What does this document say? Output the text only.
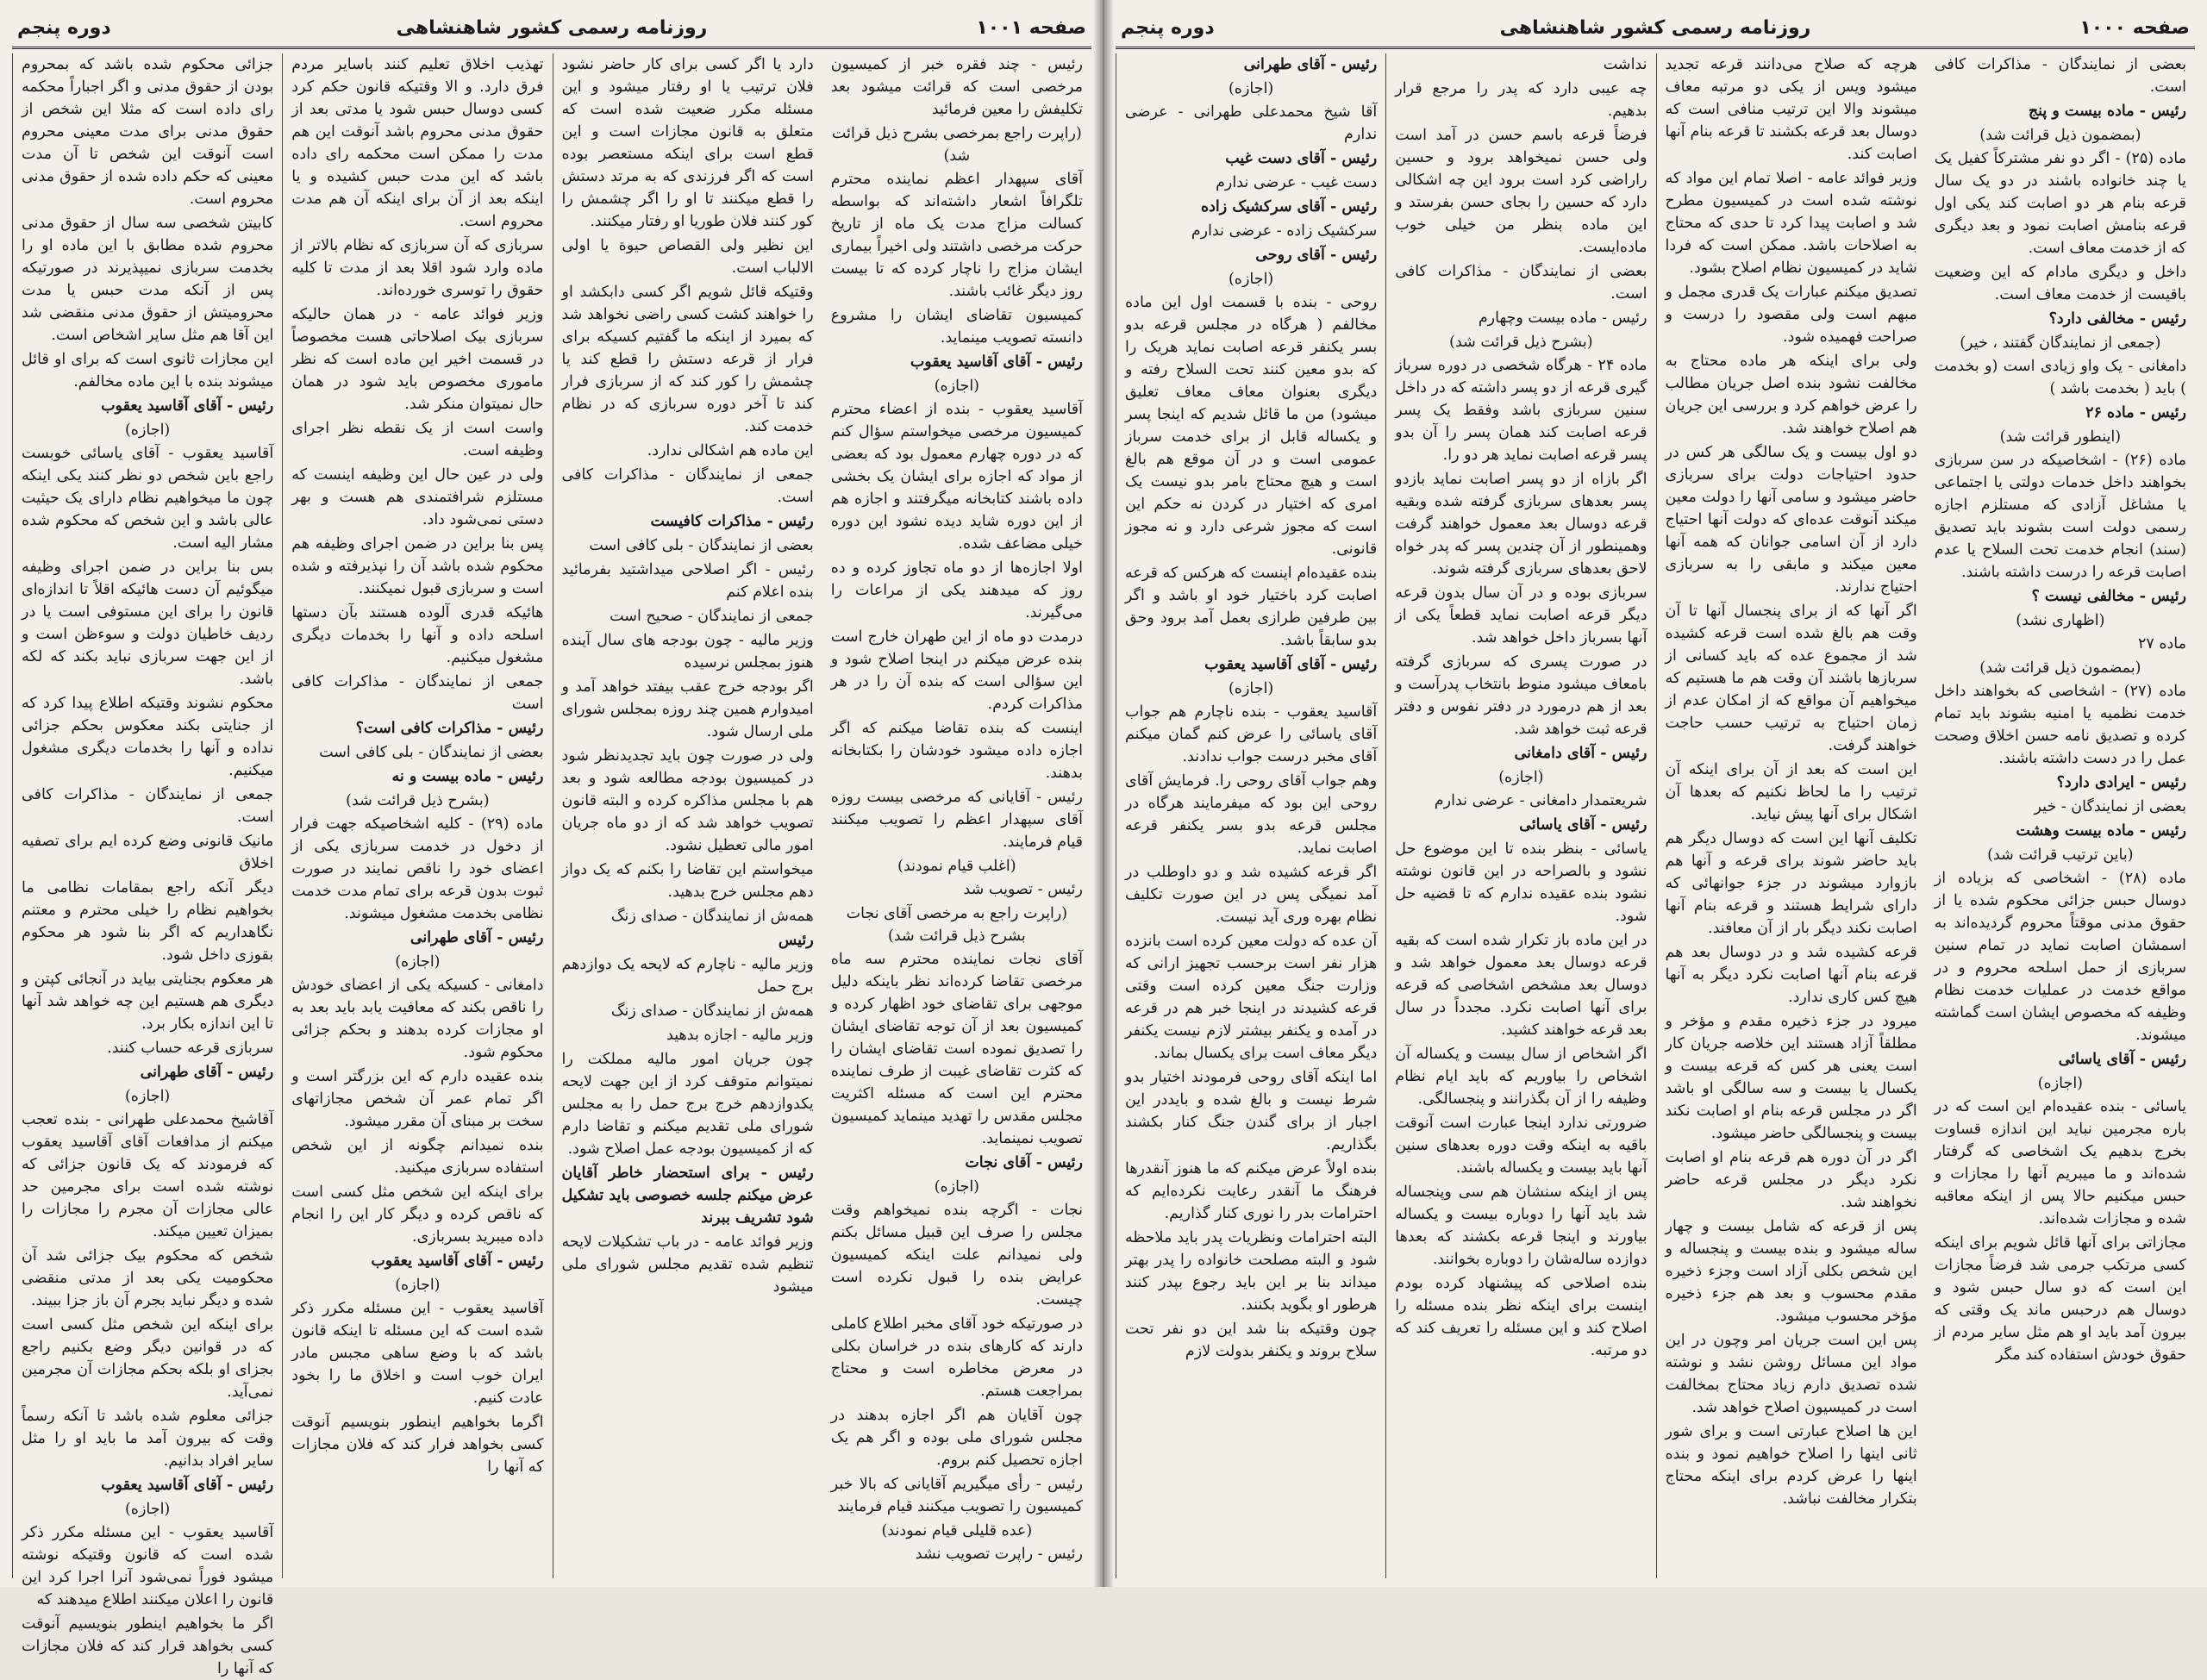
صفحه ۱۰۰۱
روزنامه رسمی کشور شاهنشاهی
دوره پنجم
جزائی محکوم شده باشد که بمحروم بودن از حقوق مدنی و اگر اجباراً محکمه رای داده است که مثلا این شخص از حقوق مدنی برای مدت معینی محروم است آنوقت این شخص تا آن مدت معینی که حکم داده شده از حقوق مدنی محروم است.
کابیتن شخصی سه سال از حقوق مدنی محروم شده مطابق با این ماده او را بخدمت سربازی نمیپذیرند در صورتیکه پس از آنکه مدت حبس یا مدت محرومیتش از حقوق مدنی منقضی شد این آقا هم مثل سایر اشخاص است.
این مجازات ثانوی است که برای او قائل میشوند بنده با این ماده مخالفم.
رئیس - آقای آقاسید یعقوب
(اجازه)
آقاسید یعقوب - آقای یاسائی خوبست راجع باین شخص دو نظر کنند یکی اینکه چون ما میخواهیم نظام دارای یک حیثیت عالی باشد و این شخص که محکوم شده مشار الیه است.
بس بنا براین در ضمن اجرای وظیفه میگوئیم آن دست هائیکه اقلاً تا اندازه‌ای قانون را برای این مستوفی است یا در ردیف خاطیان دولت و سوءظن است و از این جهت سربازی نباید بکند که لکه باشد.
محکوم نشوند وقتیکه اطلاع پیدا کرد که از جنایتی بکند معکوس بحکم جزائی نداده و آنها را بخدمات دیگری مشغول میکنیم.
جمعی از نمایندگان - مذاکرات کافی است.
مانیک قانونی وضع کرده ایم برای تصفیه اخلاق
دیگر آنکه راجع بمقامات نظامی ما بخواهیم نظام را خیلی محترم و معتنم نگاهداریم که اگر بنا شود هر محکوم بقوزی داخل شود.
هر معکوم بجنایتی بیاید در آنجائی کپتن و دیگری هم هستیم این چه خواهد شد آنها تا این اندازه بکار برد.
سربازی قرعه حساب کنند.
رئیس - آقای طهرانی
(اجازه)
آقاشیخ محمدعلی طهرانی - بنده تعجب میکنم از مدافعات آقای آقاسید یعقوب که فرمودند که یک قانون جزائی که نوشته شده است برای مجرمین حد عالی مجازات آن مجرم را مجازات را بمیزان تعیین میکند.
شخص که محکوم بیک جزائی شد آن محکومیت یکی بعد از مدتی منقضی شده و دیگر نباید بجرم آن باز جزا ببیند.
برای اینکه این شخص مثل کسی است که در قوانین دیگر وضع بکنیم راجع بجزای او بلکه بحکم مجازات آن مجرمین نمی‌آید.
جزائی معلوم شده باشد تا آنکه رسماً وقت که بیرون آمد ما باید او را مثل سایر افراد بدانیم.
رئیس - آقای آقاسید یعقوب
(اجازه)
آقاسید یعقوب - این مسئله مکرر ذکر شده است که قانون وقتیکه نوشته میشود فوراً نمی‌شود آنرا اجرا کرد این قانون را اعلان میکنند اطلاع میدهند که
اگر ما بخواهیم اینطور بنویسیم آنوقت کسی بخواهد قرار کند که فلان مجازات که آنها را
تهذیب اخلاق تعلیم کنند باساير مردم فرق دارد. و الا وقتیکه قانون حکم کرد کسی دوسال حبس شود یا مدتی بعد از حقوق مدنی محروم باشد آنوقت این هم مدت را ممکن است محکمه رای داده باشد که این مدت حبس کشیده و یا اینکه بعد از آن برای اینکه آن هم مدت محروم است.
سربازی که آن سربازی که نظام بالاتر از ماده وارد شود اقلا بعد از مدت تا کلیه حقوق را توسری خورده‌اند.
وزیر فوائد عامه - در همان حالیکه سربازی بیک اصلاحاتی هست مخصوصاً در قسمت اخیر این ماده است که نظر ماموری مخصوص باید شود در همان حال نمیتوان منکر شد.
واست است از یک نقطه نظر اجرای وظیفه است.
ولی در عین حال این وظیفه اینست که مستلزم شرافتمندی هم هست و بهر دستی نمی‌شود داد.
پس بنا براین در ضمن اجرای وظیفه هم محکوم شده باشد آن را نپذیرفته و شده است و سربازی قبول نمیکنند.
هائیکه قدری آلوده هستند بآن دستها اسلحه داده و آنها را بخدمات دیگری مشغول میکنیم.
جمعی از نمایندگان - مذاکرات کافی است
رئیس - مذاکرات کافی است؟
بعضی از نمایندگان - بلی کافی است
رئیس - ماده بیست و نه
(بشرح ذیل قرائت شد)
ماده (۲۹) - کلیه اشخاصیکه جهت فرار از دخول در خدمت سربازی یکی از اعضای خود را ناقص نمایند در صورت ثبوت بدون قرعه برای تمام مدت خدمت نظامی بخدمت مشغول میشوند.
رئیس - آقای طهرانی
(اجازه)
دامغانی - کسیکه یکی از اعضای خودش را ناقص بکند که معافیت یابد باید بعد به او مجازات کرده بدهند و بحکم جزائی محکوم شود.
بنده عقیده دارم که این بزرگتر است و اگر تمام عمر آن شخص مجازاتهای سخت بر مبنای آن مقرر میشود.
بنده نمیدانم چگونه از این شخص استفاده سربازی میکنید.
برای اینکه این شخص مثل کسی است که ناقص کرده و دیگر کار این را انجام داده میبرید بسربازی.
رئیس - آقای آقاسید یعقوب
(اجازه)
آقاسید یعقوب - این مسئله مکرر ذکر شده است که این مسئله تا اینکه قانون باشد که با وضع ساهی مجبس مادر ایران خوب است و اخلاق ما را بخود عادت کنیم.
اگرما بخواهیم اینطور بنویسیم آنوقت کسی بخواهد فرار کند که فلان مجازات که آنها را
دارد یا اگر کسی برای کار حاضر نشود فلان ترتیب یا او رفتار میشود و این مسئله مکرر ضعیت شده است که متعلق به قانون مجازات است و این قطع است برای اینکه مستعصر بوده است که اگر فرزندی که به مرتد دستش را قطع میکنند تا او را اگر چشمش را کور کنند فلان طوریا او رفتار میکنند.
این نظیر ولی القصاص حیوة یا اولی الالباب است.
وقتیکه قائل شویم اگر کسی دابکشد او را خواهند کشت کسی راضی نخواهد شد که بمیرد از اینکه ما گفتیم کسیکه برای فرار از قرعه دستش را قطع کند یا چشمش را کور کند که از سربازی فرار کند تا آخر دوره سربازی که در نظام خدمت کند.
این ماده هم اشکالی ندارد.
جمعی از نمایندگان - مذاکرات کافی است.
رئیس - مذاکرات کافیست
بعضی از نمایندگان - بلی کافی است
رئیس - اگر اصلاحی میداشتید بفرمائید بنده اعلام کنم
جمعی از نمایندگان - صحیح است
وزیر مالیه - چون بودجه های سال آینده هنوز بمجلس نرسیده
اگر بودجه خرج عقب بیفتد خواهد آمد و امیدوارم همین چند روزه بمجلس شورای ملی ارسال شود.
ولی در صورت چون باید تجدیدنظر شود در کمیسیون بودجه مطالعه شود و بعد هم با مجلس مذاکره کرده و البته قانون تصویب خواهد شد که از دو ماه جریان امور مالی تعطیل نشود.
میخواستم این تقاضا را بکنم که یک دواز دهم مجلس خرج بدهید.
همه‌ش از نمایندگان - صدای زنگ
رئیس
وزیر مالیه - ناچارم که لایحه یک دوازدهم برج حمل
همه‌ش از نمایندگان - صدای زنگ
وزیر مالیه - اجازه بدهید
چون جریان امور مالیه مملکت را نمیتوانم متوقف کرد از این جهت لایحه یکدوازدهم خرج برج حمل را به مجلس شورای ملی تقدیم میکنم و تقاضا دارم که از کمیسیون بودجه عمل اصلاح شود.
رئیس - برای استحضار خاطر آقایان عرض میکنم جلسه خصوصی باید تشکیل شود تشریف ببرند
وزیر فوائد عامه - در باب تشکیلات لایحه تنظیم شده تقدیم مجلس شورای ملی میشود
رئیس - چند فقره خبر از کمیسیون مرخصی است که قرائت میشود بعد تکلیفش را معین فرمائید
(راپرت راجع بمرخصی بشرح ذیل قرائت شد)
آقای سپهدار اعظم نماینده محترم تلگرافاً اشعار داشته‌اند که بواسطه کسالت مزاج مدت یک ماه از تاریخ حرکت مرخصی داشتند ولی اخیراً بیماری ایشان مزاج را ناچار کرده که تا بیست روز دیگر غائب باشند.
کمیسیون تقاضای ایشان را مشروع دانسته تصویب مینماید.
رئیس - آقای آقاسید یعقوب
(اجازه)
آقاسید یعقوب - بنده از اعضاء محترم کمیسیون مرخصی میخواستم سؤال کنم که در دوره چهارم معمول بود که بعضی از مواد که اجازه برای ایشان یک بخشی داده باشند کتابخانه میگرفتند و اجازه هم از این دوره شاید دیده نشود این دوره خیلی مضاعف شده.
اولا اجازه‌ها از دو ماه تجاوز کرده و ده روز که میدهند یکی از مراعات را می‌گیرند.
درمدت دو ماه از این طهران خارج است بنده عرض میکنم در اینجا اصلاح شود و این سؤالی است که بنده آن را در هر مذاکرات کردم.
اینست که بنده تقاضا میکنم که اگر اجازه داده میشود خودشان را بکتابخانه بدهند.
رئیس - آقایانی که مرخصی بیست روزه آقای سپهدار اعظم را تصویب میکنند قیام فرمایند.
(اغلب قیام نمودند)
رئیس - تصویب شد
(راپرت راجع به مرخصی آقای نجات بشرح ذیل قرائت شد)
آقای نجات نماینده محترم سه ماه مرخصی تقاضا کرده‌اند نظر باینکه دلیل موجهی برای تقاضای خود اظهار کرده و کمیسیون بعد از آن توجه تقاضای ایشان را تصدیق نموده است تقاضای ایشان را که کثرت تقاضای غیبت از طرف نماینده محترم این است که مسئله اکثریت مجلس مقدس را تهدید مینماید کمیسیون تصویب نمینماید.
رئیس - آقای نجات
(اجازه)
نجات - اگرچه بنده نمیخواهم وقت مجلس را صرف این قبیل مسائل بکنم ولی نمیدانم علت اینکه کمیسیون عرایض بنده را قبول نکرده است چیست.
در صورتیکه خود آقای مخبر اطلاع کاملی دارند که کارهای بنده در خراسان بکلی در معرض مخاطره است و محتاج بمراجعت هستم.
چون آقایان هم اگر اجازه بدهند در مجلس شورای ملی بوده و اگر هم یک اجازه تحصیل کنم بروم.
رئیس - رأی میگیریم آقایانی که بالا خبر کمیسیون را تصویب میکنند قیام فرمایند
(عده قلیلی قیام نمودند)
رئیس - راپرت تصویب نشد
صفحه ۱۰۰۰
روزنامه رسمی کشور شاهنشاهی
دوره پنجم
رئیس - آقای طهرانی
(اجازه)
آقا شیخ محمدعلی طهرانی - عرضی ندارم
رئیس - آقای دست غیب
دست غیب - عرضی ندارم
رئیس - آقای سرکشیک زاده
سرکشیک زاده - عرضی ندارم
رئیس - آقای روحی
(اجازه)
روحی - بنده با قسمت اول این ماده مخالفم ( هرگاه در مجلس قرعه بدو بسر یکنفر قرعه اصابت نماید هریک را که بدو معین کنند تحت السلاح رفته و دیگری بعنوان معاف معاف تعلیق میشود) من ما قائل شدیم که اینجا پسر و یکساله قابل از برای خدمت سرباز عمومی است و در آن موقع هم بالغ است و هیچ محتاج بامر بدو نیست یک امری که اختیار در کردن نه حکم این است که مجوز شرعی دارد و نه مجوز قانونی.
بنده عقیده‌ام اینست که هرکس که قرعه اصابت کرد باختیار خود او باشد و اگر بین طرفین طرازی بعمل آمد برود وحق بدو سابقاً باشد.
رئیس - آقای آقاسید یعقوب
(اجازه)
آقاسید یعقوب - بنده ناچارم هم جواب آقای یاسائی را عرض کنم گمان میکنم آقای مخبر درست جواب ندادند.
وهم جواب آقای روحی را. فرمایش آقای روحی این بود که میفرمایند هرگاه در مجلس قرعه بدو بسر یکنفر قرعه اصابت نماید.
اگر قرعه کشیده شد و دو داوطلب در آمد نمیگی پس در این صورت تکلیف نظام بهره وری آید نیست.
آن عده که دولت معین کرده است بانزده هزار نفر است برحسب تجهیز ارانی که وزارت جنگ معین کرده است وقتی قرعه کشیدند در اینجا خبر هم در قرعه در آمده و یکنفر بیشتر لازم نیست یکنفر دیگر معاف است برای یکسال بماند.
اما اینکه آقای روحی فرمودند اختیار بدو شرط نیست و بالغ شده و بایددر این اجبار از برای گندن جنگ کنار بکشند بگذاریم.
بنده اولاً عرض میکنم که ما هنوز آنقدرها فرهنگ ما آنقدر رعایت نکرده‌ایم که احترامات بدر را نوری کنار گذاریم.
البته احترامات ونظریات پدر باید ملاحظه شود و البته مصلحت خانواده را پدر بهتر میداند بنا بر این باید رجوع بپدر کنند هرطور او بگوید بکنند.
چون وقتیکه بنا شد این دو نفر تحت سلاح بروند و یکنفر بدولت لازم
نداشت
چه عیبی دارد که پدر را مرجع قرار بدهیم.
فرضاً قرعه باسم حسن در آمد است ولی حسن نمیخواهد برود و حسین راراضی کرد است برود این چه اشکالی دارد که حسین را بجای حسن بفرستد و این ماده بنظر من خیلی خوب ماده‌ایست.
بعضی از نمایندگان - مذاکرات کافی است.
رئیس - ماده بیست وچهارم
(بشرح ذیل قرائت شد)
ماده ۲۴ - هرگاه شخصی در دوره سرباز گیری قرعه از دو پسر داشته که در داخل سنین سربازی باشد وفقط یک پسر قرعه اصابت کند همان پسر را آن بدو پسر قرعه اصابت نماید هر دو را.
اگر بازاه از دو پسر اصابت نماید بازدو پسر بعدهای سربازی گرفته شده وبقیه قرعه دوسال بعد معمول خواهند گرفت وهمینطور از آن چندین پسر که پدر خواه لاحق بعدهای سربازی گرفته شوند.
سربازی بوده و در آن سال بدون قرعه دیگر قرعه اصابت نماید قطعاً یکی از آنها بسرباز داخل خواهد شد.
در صورت پسری که سربازی گرفته بامعاف میشود منوط بانتخاب پدرآست و بعد از هم درمورد در دفتر نفوس و دفتر قرعه ثبت خواهد شد.
رئیس - آقای دامغانی
(اجازه)
شریعتمدار دامغانی - عرضی ندارم
رئیس - آقای یاسائی
یاسائی - بنظر بنده تا این موضوع حل نشود و بالصراحه در این قانون نوشته نشود بنده عقیده ندارم که تا قضیه حل شود.
در این ماده باز تکرار شده است که بقیه قرعه دوسال بعد معمول خواهد شد و دوسال بعد مشخص اشخاصی که قرعه برای آنها اصابت نکرد. مجدداً در سال بعد قرعه خواهند کشید.
اگر اشخاص از سال بیست و یکساله آن اشخاص را بیاوریم که باید ایام نظام وظیفه را از آن بگذرانند و پنجسالگی.
ضرورتی ندارد اینجا عبارت است آنوقت باقیه به اینکه وقت دوره بعدهای سنین آنها باید بیست و یکساله باشند.
پس از اینکه سنشان هم سی وپنجساله شد باید آنها را دوباره بیست و یکساله بیاورند و اینجا قرعه بکشند که بعدها دوازده ساله‌شان را دوباره بخوانند.
بنده اصلاحی که پیشنهاد کرده بودم اینست برای اینکه نظر بنده مسئله را اصلاح کند و این مسئله را تعریف کند که دو مرتبه.
هرچه که صلاح می‌دانند قرعه تجدید میشود ویس از یکی دو مرتبه معاف میشوند والا این ترتیب منافی است که دوسال بعد قرعه بکشند تا قرعه بنام آنها اصابت کند.
وزیر فوائد عامه - اصلا تمام این مواد که نوشته شده است در کمیسیون مطرح شد و اصابت پیدا کرد تا حدی که محتاج به اصلاحات باشد. ممکن است که فردا شاید در کمیسیون نظام اصلاح بشود.
تصدیق میکنم عبارات یک قدری مجمل و مبهم است ولی مقصود را درست و صراحت فهمیده شود.
ولی برای اینکه هر ماده محتاج به مخالفت نشود بنده اصل جریان مطالب را عرض خواهم کرد و بررسی این جریان هم اصلاح خواهند شد.
دو اول بیست و یک سالگی هر کس در حدود احتیاجات دولت برای سربازی حاضر میشود و سامی آنها را دولت معین میکند آنوقت عده‌ای که دولت آنها احتیاج دارد از آن اسامی جوانان که همه آنها معین میکند و مابقی را به سربازی احتیاج ندارند.
اگر آنها که از برای پنجسال آنها تا آن وقت هم بالغ شده است قرعه کشیده شد از مجموع عده که باید کسانی از سربازها باشند آن وقت هم ما هستیم که میخواهیم آن مواقع که از امکان عدم از زمان احتیاج به ترتیب حسب حاجت خواهند گرفت.
این است که بعد از آن برای اینکه آن ترتیب را ما لحاظ نکنیم که بعدها آن اشکال برای آنها پیش نیاید.
تکلیف آنها این است که دوسال دیگر هم باید حاضر شوند برای قرعه و آنها هم بازوارد میشوند در جزء جوانهائی که دارای شرایط هستند و قرعه بنام آنها اصابت نکند دیگر بار از آن معافند.
قرعه کشیده شد و در دوسال بعد هم قرعه بنام آنها اصابت نکرد دیگر به آنها هیچ کس کاری ندارد.
میرود در جزء ذخیره مقدم و مؤخر و مطلقاً آزاد هستند این خلاصه جریان کار است یعنی هر کس که قرعه بیست و یکسال یا بیست و سه سالگی او باشد اگر در مجلس قرعه بنام او اصابت نکند بیست و پنجسالگی حاضر میشود.
اگر در آن دوره هم قرعه بنام او اصابت نکرد دیگر در مجلس قرعه حاضر نخواهند شد.
پس از قرعه که شامل بیست و چهار ساله میشود و بنده بیست و پنجساله و این شخص بکلی آزاد است وجزء ذخیره مقدم محسوب و بعد هم جزء ذخیره مؤخر محسوب میشود.
پس این است جریان امر وچون در این مواد این مسائل روشن نشد و نوشته شده تصدیق دارم زیاد محتاج بمخالفت است در کمیسیون اصلاح خواهد شد.
این ها اصلاح عبارتی است و برای شور ثانی اینها را اصلاح خواهیم نمود و بنده اینها را عرض کردم برای اینکه محتاج بتکرار مخالفت نباشد.
بعضی از نمایندگان - مذاکرات کافی است.
رئیس - ماده بیست و پنج
(بمضمون ذیل قرائت شد)
ماده (۲۵) - اگر دو نفر مشترکاً کفیل یک یا چند خانواده باشند در دو یک سال قرعه بنام هر دو اصابت کند یکی اول قرعه بنامش اصابت نمود و بعد دیگری که از خدمت معاف است.
داخل و دیگری مادام که این وضعیت باقیست از خدمت معاف است.
رئیس - مخالفی دارد؟
(جمعی از نمایندگان گفتند ، خیر)
دامغانی - یک واو زیادی است (و بخدمت ) باید ( بخدمت باشد )
رئیس - ماده ۲۶
(اینطور قرائت شد)
ماده (۲۶) - اشخاصیکه در سن سربازی بخواهند داخل خدمات دولتی یا اجتماعی یا مشاغل آزادی که مستلزم اجازه رسمی دولت است بشوند باید تصدیق (سند) انجام خدمت تحت السلاح یا عدم اصابت قرعه را درست داشته باشند.
رئیس - مخالفی نیست ؟
(اظهاری نشد)
ماده ۲۷
(بمضمون ذیل قرائت شد)
ماده (۲۷) - اشخاصی که بخواهند داخل خدمت نظمیه یا امنیه بشوند باید تمام کرده و تصدیق نامه حسن اخلاق وصحت عمل را در دست داشته باشند.
رئیس - ایرادی دارد؟
بعضی از نمایندگان - خیر
رئیس - ماده بیست وهشت
(باین ترتیب قرائت شد)
ماده (۲۸) - اشخاصی که بزیاده از دوسال حبس جزائی محکوم شده یا از حقوق مدنی موقتاً محروم گردیده‌اند به اسمشان اصابت نماید در تمام سنین سربازی از حمل اسلحه محروم و در مواقع خدمت در عملیات خدمت نظام وظیفه که مخصوص ایشان است گماشته میشوند.
رئیس - آقای یاسائی
(اجازه)
یاسائی - بنده عقیده‌ام این است که در باره مجرمین نباید این اندازه قساوت بخرج بدهیم یک اشخاصی که گرفتار شده‌اند و ما میبریم آنها را مجازات و حبس میکنیم حالا پس از اینکه معاقبه شده و مجازات شده‌اند.
مجازاتی برای آنها قائل شویم برای اینکه کسی مرتکب جرمی شد فرضاً مجازات این است که دو سال حبس شود و دوسال هم درحبس ماند یک وقتی که بیرون آمد باید او هم مثل سایر مردم از حقوق خودش استفاده کند مگر
